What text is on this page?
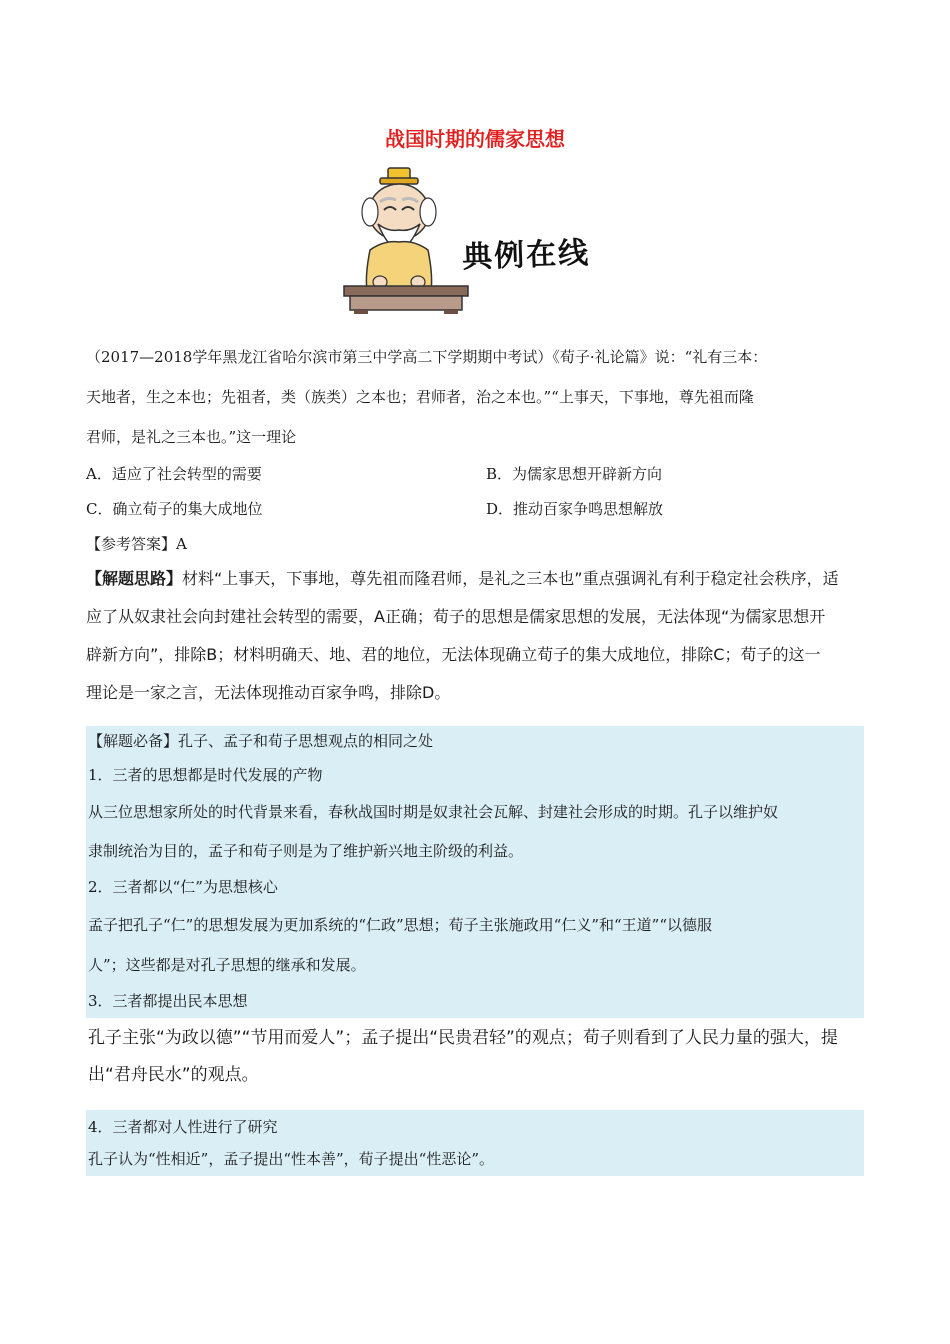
战国时期的儒家思想
典例在线
（2017—2018学年黑龙江省哈尔滨市第三中学高二下学期期中考试）《荀子·礼论篇》说：“礼有三本：
天地者，生之本也；先祖者，类（族类）之本也；君师者，治之本也。”“上事天，下事地，尊先祖而隆
君师，是礼之三本也。”这一理论
A．适应了社会转型的需要	B．为儒家思想开辟新方向
C．确立荀子的集大成地位	D．推动百家争鸣思想解放
【参考答案】A
【解题思路】材料“上事天，下事地，尊先祖而隆君师，是礼之三本也”重点强调礼有利于稳定社会秩序，适
应了从奴隶社会向封建社会转型的需要，A正确；荀子的思想是儒家思想的发展，无法体现“为儒家思想开
辟新方向”，排除B；材料明确天、地、君的地位，无法体现确立荀子的集大成地位，排除C；荀子的这一
理论是一家之言，无法体现推动百家争鸣，排除D。
【解题必备】孔子、孟子和荀子思想观点的相同之处
1．三者的思想都是时代发展的产物
从三位思想家所处的时代背景来看，春秋战国时期是奴隶社会瓦解、封建社会形成的时期。孔子以维护奴
隶制统治为目的，孟子和荀子则是为了维护新兴地主阶级的利益。
2．三者都以“仁”为思想核心
孟子把孔子“仁”的思想发展为更加系统的“仁政”思想；荀子主张施政用“仁义”和“王道”“以德服
人”；这些都是对孔子思想的继承和发展。
3．三者都提出民本思想
孔子主张“为政以德”“节用而爱人”；孟子提出“民贵君轻”的观点；荀子则看到了人民力量的强大，提
出“君舟民水”的观点。
4．三者都对人性进行了研究
孔子认为“性相近”，孟子提出“性本善”，荀子提出“性恶论”。
